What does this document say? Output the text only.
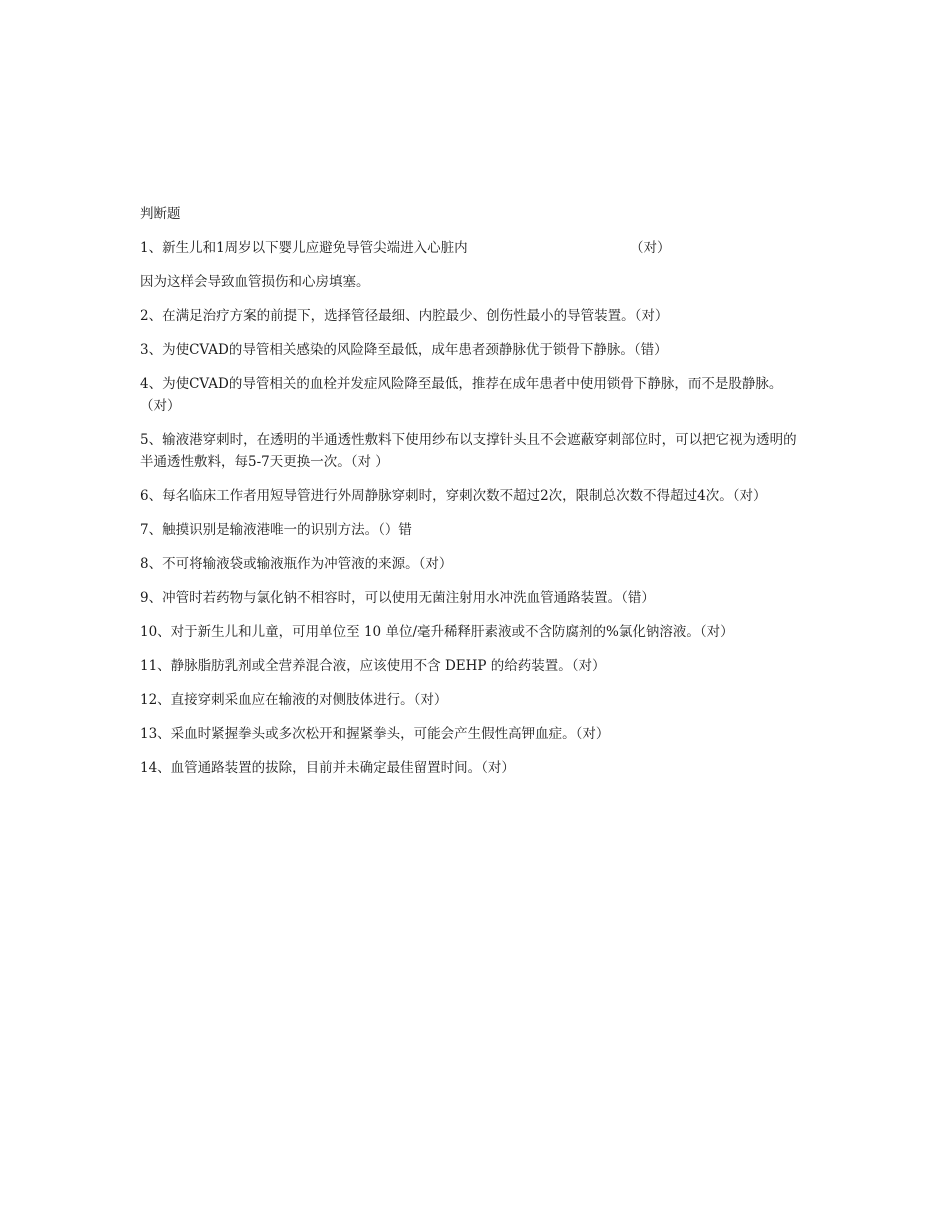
判断题

1、新生儿和1周岁以下婴儿应避免导管尖端进入心脏内	（对）

因为这样会导致血管损伤和心房填塞。

2、在满足治疗方案的前提下，选择管径最细、内腔最少、创伤性最小的导管装置。（对）

3、为使CVAD的导管相关感染的风险降至最低，成年患者颈静脉优于锁骨下静脉。（错）

4、为使CVAD的导管相关的血栓并发症风险降至最低，推荐在成年患者中使用锁骨下静脉，而不是股静脉。（对）

5、输液港穿刺时，在透明的半通透性敷料下使用纱布以支撑针头且不会遮蔽穿刺部位时，可以把它视为透明的半通透性敷料，每5-7天更换一次。（对 ）

6、每名临床工作者用短导管进行外周静脉穿刺时，穿刺次数不超过2次，限制总次数不得超过4次。（对）

7、触摸识别是输液港唯一的识别方法。（）错

8、不可将输液袋或输液瓶作为冲管液的来源。（对）

9、冲管时若药物与氯化钠不相容时，可以使用无菌注射用水冲洗血管通路装置。（错）

10、对于新生儿和儿童，可用单位至 10 单位/毫升稀释肝素液或不含防腐剂的%氯化钠溶液。（对）

11、静脉脂肪乳剂或全营养混合液，应该使用不含 DEHP 的给药装置。（对）

12、直接穿刺采血应在输液的对侧肢体进行。（对）

13、采血时紧握拳头或多次松开和握紧拳头，可能会产生假性高钾血症。（对）

14、血管通路装置的拔除，目前并未确定最佳留置时间。（对）
